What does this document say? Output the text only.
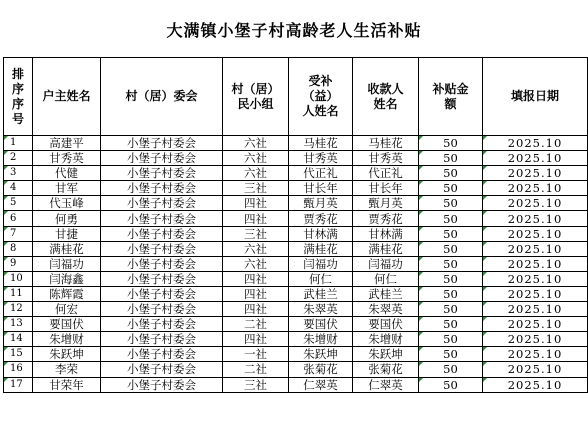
大满镇小堡子村高龄老人生活补贴
排序序号	户主姓名	村（居）委会	村（居）民小组	受补（益）人姓名	收款人姓名	补贴金额	填报日期
1	高建平	小堡子村委会	六社	马桂花	马桂花	50	2025.10
2	甘秀英	小堡子村委会	六社	甘秀英	甘秀英	50	2025.10
3	代健	小堡子村委会	六社	代正礼	代正礼	50	2025.10
4	甘军	小堡子村委会	三社	甘长年	甘长年	50	2025.10
5	代玉峰	小堡子村委会	四社	甄月英	甄月英	50	2025.10
6	何勇	小堡子村委会	四社	贾秀花	贾秀花	50	2025.10
7	甘捷	小堡子村委会	三社	甘林满	甘林满	50	2025.10
8	满桂花	小堡子村委会	六社	满桂花	满桂花	50	2025.10
9	闫福功	小堡子村委会	六社	闫福功	闫福功	50	2025.10
10	闫海鑫	小堡子村委会	四社	何仁	何仁	50	2025.10
11	陈辉霞	小堡子村委会	四社	武桂兰	武桂兰	50	2025.10
12	何宏	小堡子村委会	四社	朱翠英	朱翠英	50	2025.10
13	要国伏	小堡子村委会	二社	要国伏	要国伏	50	2025.10
14	朱增财	小堡子村委会	四社	朱增财	朱增财	50	2025.10
15	朱跃坤	小堡子村委会	一社	朱跃坤	朱跃坤	50	2025.10
16	李荣	小堡子村委会	二社	张菊花	张菊花	50	2025.10
17	甘荣年	小堡子村委会	三社	仁翠英	仁翠英	50	2025.10
